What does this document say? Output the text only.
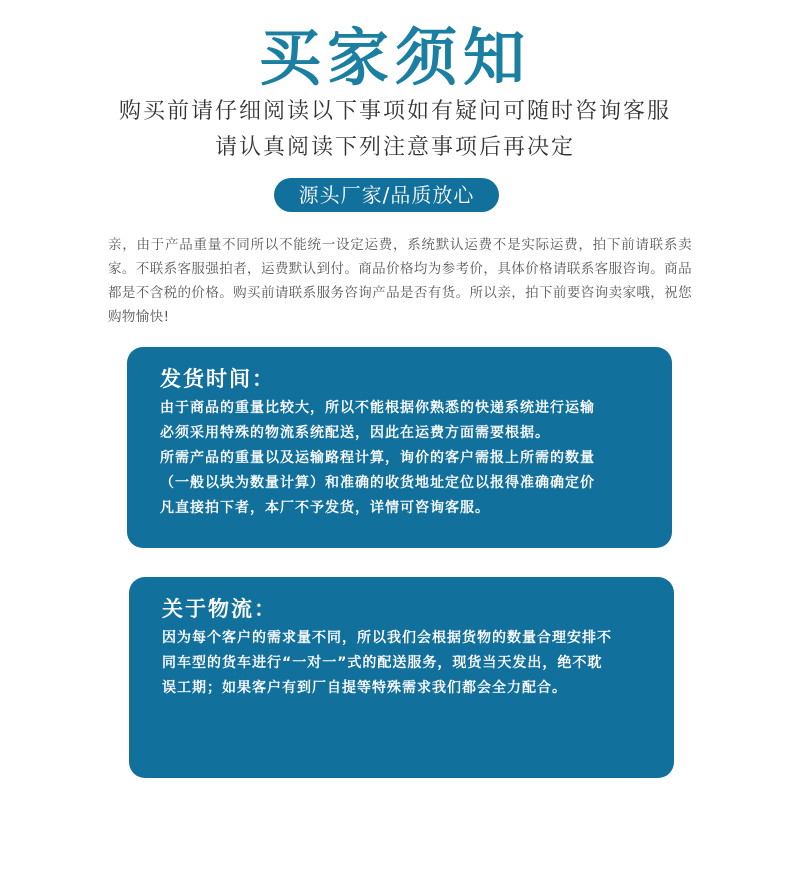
买家须知
购买前请仔细阅读以下事项如有疑问可随时咨询客服
请认真阅读下列注意事项后再决定
源头厂家/品质放心
亲，由于产品重量不同所以不能统一设定运费，系统默认运费不是实际运费，拍下前请联系卖家。不联系客服强拍者，运费默认到付。商品价格均为参考价，具体价格请联系客服咨询。商品都是不含税的价格。购买前请联系服务咨询产品是否有货。所以亲，拍下前要咨询卖家哦，祝您购物愉快!
发货时间：
由于商品的重量比较大，所以不能根据你熟悉的快递系统进行运输
必须采用特殊的物流系统配送，因此在运费方面需要根据。
所需产品的重量以及运输路程计算，询价的客户需报上所需的数量
（一般以块为数量计算）和准确的收货地址定位以报得准确确定价
凡直接拍下者，本厂不予发货，详情可咨询客服。
关于物流：
因为每个客户的需求量不同，所以我们会根据货物的数量合理安排不
同车型的货车进行“一对一”式的配送服务，现货当天发出，绝不耽
误工期；如果客户有到厂自提等特殊需求我们都会全力配合。
